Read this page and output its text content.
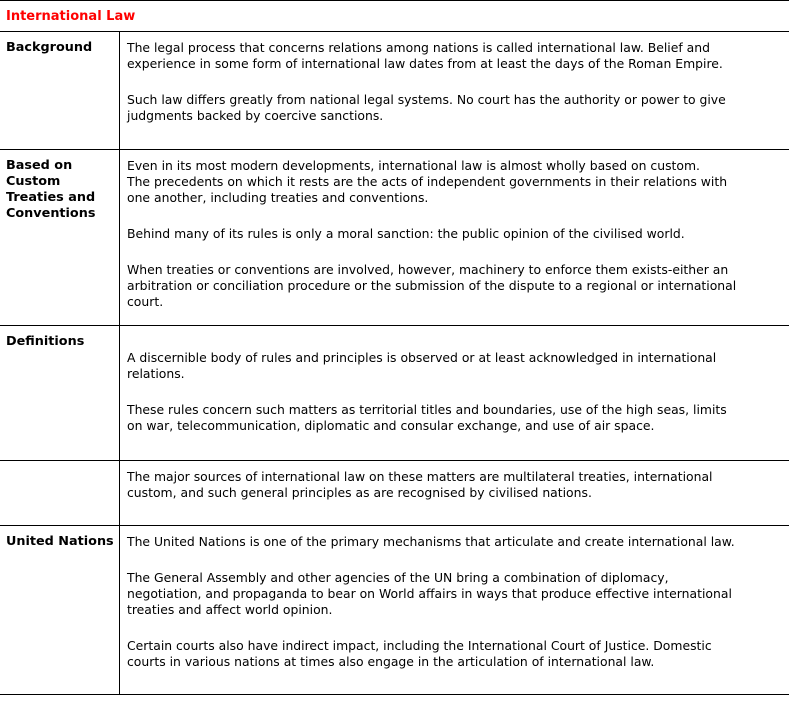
International Law
Background	The legal process that concerns relations among nations is called international law. Belief and
experience in some form of international law dates from at least the days of the Roman Empire.
Such law differs greatly from national legal systems. No court has the authority or power to give
judgments backed by coercive sanctions.
Based on
Custom
Treaties and
Conventions
Even in its most modern developments, international law is almost wholly based on custom.
The precedents on which it rests are the acts of independent governments in their relations with
one another, including treaties and conventions.
Behind many of its rules is only a moral sanction: the public opinion of the civilised world.
When treaties or conventions are involved, however, machinery to enforce them exists-either an
arbitration or conciliation procedure or the submission of the dispute to a regional or international
court.
Definitions
A discernible body of rules and principles is observed or at least acknowledged in international
relations.
These rules concern such matters as territorial titles and boundaries, use of the high seas, limits
on war, telecommunication, diplomatic and consular exchange, and use of air space.
The major sources of international law on these matters are multilateral treaties, international
custom, and such general principles as are recognised by civilised nations.
United Nations	The United Nations is one of the primary mechanisms that articulate and create international law.
The General Assembly and other agencies of the UN bring a combination of diplomacy,
negotiation, and propaganda to bear on World affairs in ways that produce effective international
treaties and affect world opinion.
Certain courts also have indirect impact, including the International Court of Justice. Domestic
courts in various nations at times also engage in the articulation of international law.
